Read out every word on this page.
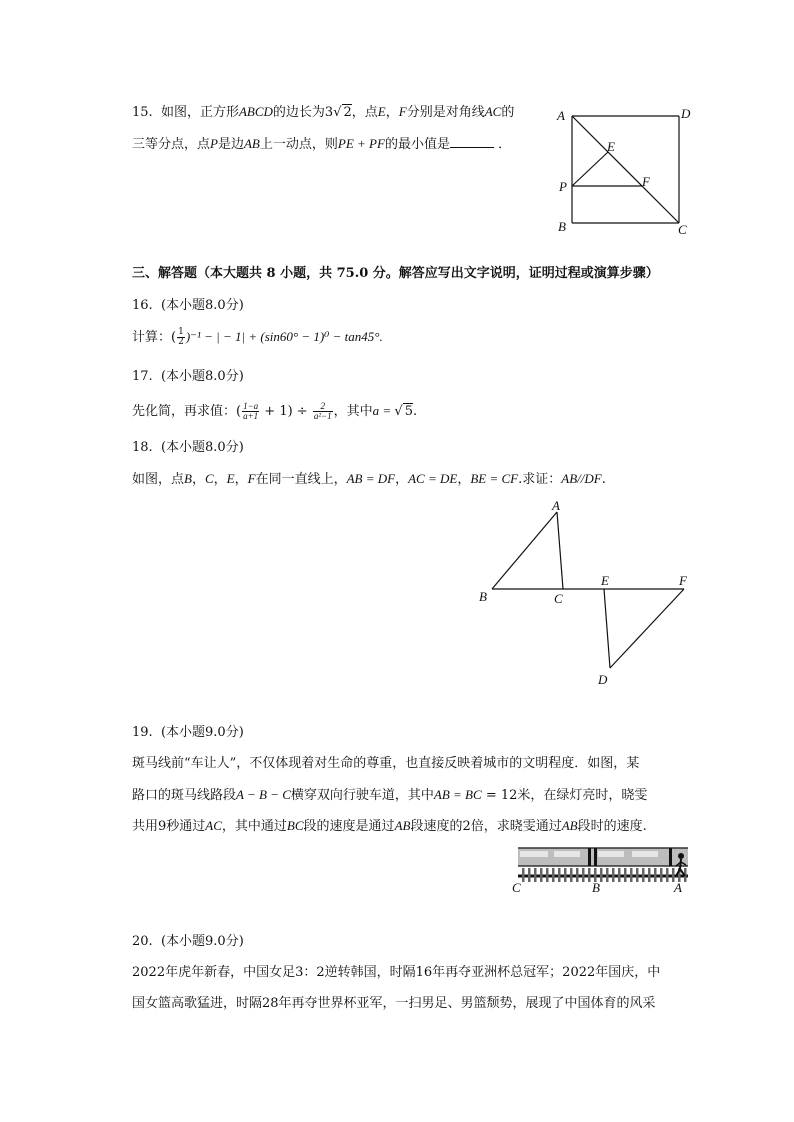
15. 如图，正方形ABCD的边长为3√ 2，点E，F分别是对角线AC的
三等分点，点P是边AB上一动点，则PE + PF的最小值是	．
A	D
E
P	F
B	C
三、解答题（本大题共 8 小题，共 75.0 分。解答应写出文字说明，证明过程或演算步骤）
16. (本小题8.0分)
计算：( $\frac{1}{2} )^{-1}$ − | − 1| + (sin60° − 1)⁰ − tan45°.
17. (本小题8.0分)
先化简，再求值：( $\frac{1-a}{a+1} + 1) \div \frac{2}{\text{a²−1}}$ ，其中a = √ 5.
18. (本小题8.0分)
如图，点B，C，E，F在同一直线上，AB = DF，AC = DE，BE = CF.求证：AB//DF.
A
B	C
E	F
D
19. (本小题9.0分)
斑马线前“车让人”，不仅体现着对生命的尊重，也直接反映着城市的文明程度．如图，某
路口的斑马线路段A − B − C横穿双向行驶车道，其中AB = BC = 12米，在绿灯亮时，晓雯
共用9秒通过AC，其中通过BC段的速度是通过AB段速度的2倍，求晓雯通过AB段时的速度.
C	B	A
20. (本小题9.0分)
2022年虎年新春，中国女足3：2逆转韩国，时隔16年再夺亚洲杯总冠军；2022年国庆，中
国女篮高歌猛进，时隔28年再夺世界杯亚军，一扫男足、男篮颓势，展现了中国体育的风采
